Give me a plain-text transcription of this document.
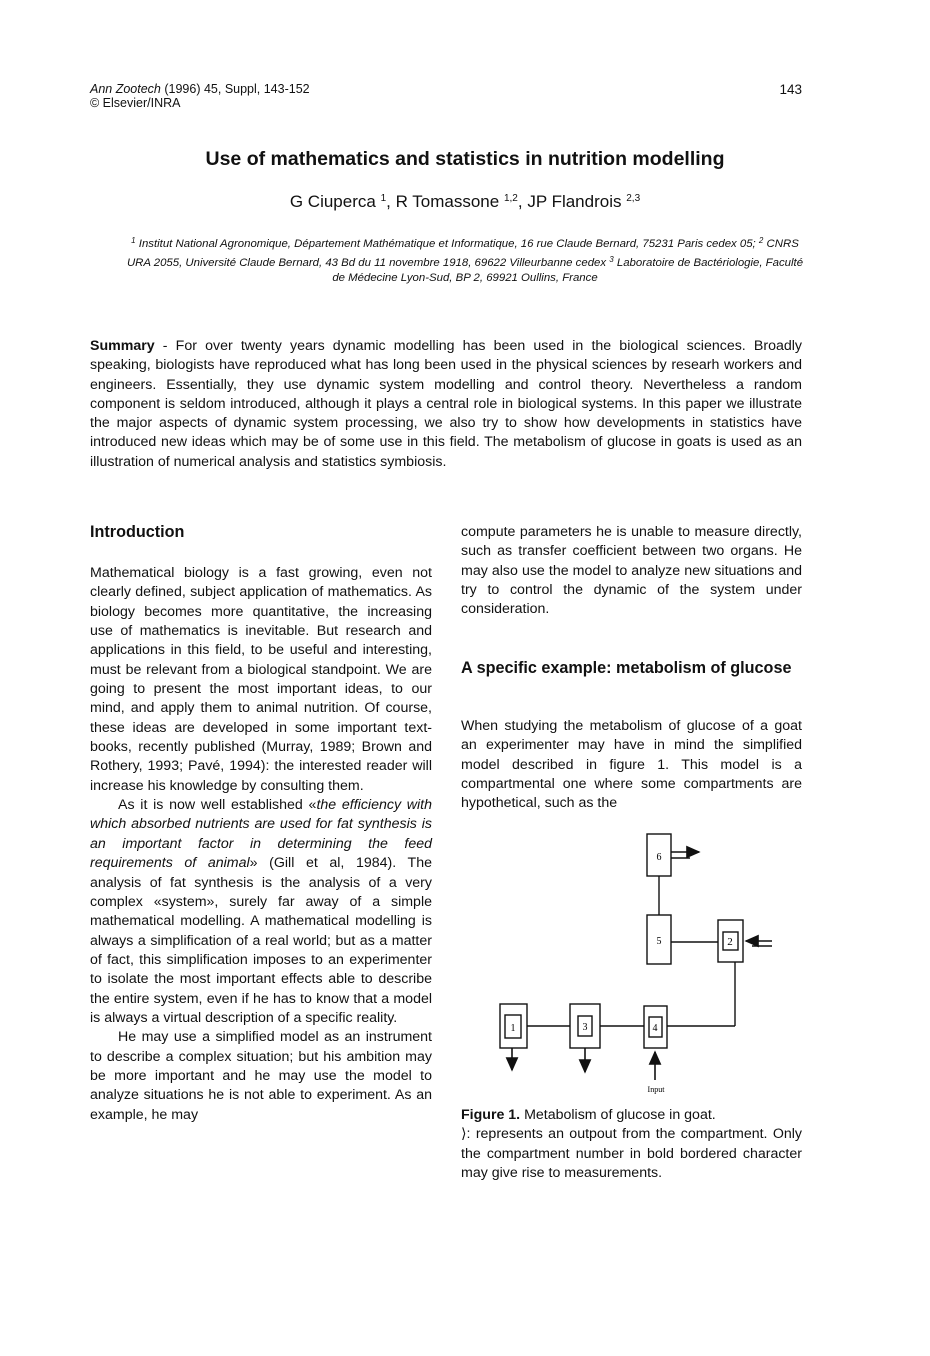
Ann Zootech (1996) 45, Suppl, 143-152
© Elsevier/INRA
143
Use of mathematics and statistics in nutrition modelling
G Ciuperca $^1$, R Tomassone $^{1,2}$, JP Flandrois $^{2,3}$
$^1$ Institut National Agronomique, Département Mathématique et Informatique, 16 rue Claude Bernard, 75231 Paris cedex 05; $^2$ CNRS URA 2055, Université Claude Bernard, 43 Bd du 11 novembre 1918, 69622 Villeurbanne cedex $^3$ Laboratoire de Bactériologie, Faculté de Médecine Lyon-Sud, BP 2, 69921 Oullins, France
Summary - For over twenty years dynamic modelling has been used in the biological sciences. Broadly speaking, biologists have reproduced what has long been used in the physical sciences by researh workers and engineers. Essentially, they use dynamic system modelling and control theory. Nevertheless a random component is seldom introduced, although it plays a central role in biological systems. In this paper we illustrate the major aspects of dynamic system processing, we also try to show how developments in statistics have introduced new ideas which may be of some use in this field. The metabolism of glucose in goats is used as an illustration of numerical analysis and statistics symbiosis.
Introduction

Mathematical biology is a fast growing, even not clearly defined, subject application of mathematics. As biology becomes more quantitative, the increasing use of mathematics is inevitable. But research and applications in this field, to be useful and interesting, must be relevant from a biological standpoint. We are going to present the most important ideas, to our mind, and apply them to animal nutrition. Of course, these ideas are developed in some important text-books, recently published (Murray, 1989; Brown and Rothery, 1993; Pavé, 1994): the interested reader will increase his knowledge by consulting them.

As it is now well established «the efficiency with which absorbed nutrients are used for fat synthesis is an important factor in determining the feed requirements of animal» (Gill et al, 1984). The analysis of fat synthesis is the analysis of a very complex «system», surely far away of a simple mathematical modelling. A mathematical modelling is always a simplification of a real world; but as a matter of fact, this simplification imposes to an experimenter to isolate the most important effects able to describe the entire system, even if he has to know that a model is always a virtual description of a specific reality.

He may use a simplified model as an instrument to describe a complex situation; but his ambition may be more important and he may use the model to analyze situations he is not able to experiment. As an example, he may

compute parameters he is unable to measure directly, such as transfer coefficient between two organs. He may also use the model to analyze new situations and try to control the dynamic of the system under consideration.

A specific example: metabolism of glucose

When studying the metabolism of glucose of a goat an experimenter may have in mind the simplified model described in figure 1. This model is a compartmental one where some compartments are hypothetical, such as the

6
5	2
4
3
1
Input
Figure 1. Metabolism of glucose in goat.
⟩: represents an outpout from the compartment. Only the compartment number in bold bordered character may give rise to measurements.
